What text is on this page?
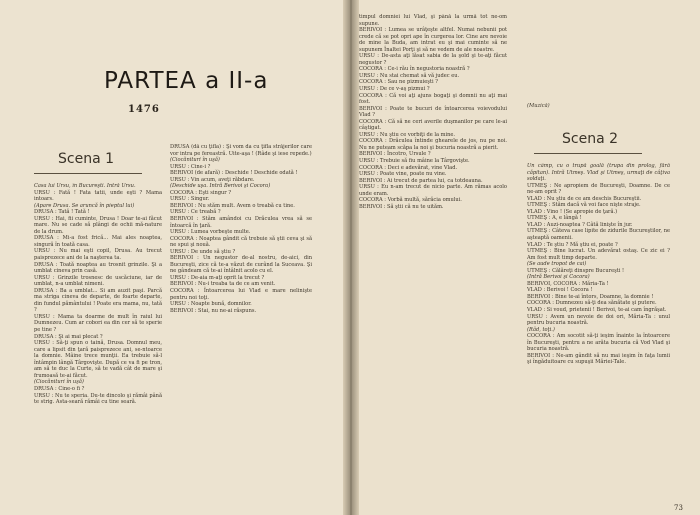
PARTEA a II-a
1476
Scena 1

Casa lui Ursu, în Bucureşti. Intră Ursu.

URSU : Fată ! Fata tatii, unde eşti ? Mama intoars.

(Apare Drusa. Se aruncă în pieptul lui)

DRUSA : Tată ! Tată !

URSU : Hai, fii cuminte, Drusa ! Doar te-ai făcut mare. Nu se cade să plângi de ochii mă-nature de la drum.

DRUSA : Mi-a fost frică... Mai ales noaptea, singură în toată casa.

URSU : Nu mai eşti copil, Drusa. Au trecut paisprezece ani de la naşterea ta.

DRUSA : Toată noaptea au trosnit grinzile. Şi a umblat cineva prin casă.

URSU : Grinzile trosnesc de uscăciune, iar de umblat, n-a umblat nimeni.

DRUSA : Ba a umblat... Si am auzit paşi. Parcă ma striga cineva de departe, de foarte departe, din fundul pământului ! Poate era mama, nu, tată ?

URSU : Mama ta doarme de mult în raiul lui Dumnezeu. Cum ar cobori ea din cer să te sperie pe tine ?

DRUSA : Şi ai mai plecat ?

URSU : Să-ţi spun o taină, Drusa. Domnul meu, care a lipsit din ţară paisprezece ani, se-ntoarce la domnie. Mâine trece munţii. Ea trebuie să-l întâmpin lângă Târgovişte. După ce va fi pe tron, am să te duc la Curte, să te vadă cât de mare şi frumoasă te-ai făcut.

(Ciocănituri în uşă)

DRUSA : Cine-o fi ?

URSU : Nu te speria. Du-te dincolo şi rămâi până te strig. Asta-seară rămâi cu tine seară.

DRUSA (dă cu ţifla) : Şi vom da cu ţifla străjerilor care vor intra pe fereastră. Uite-aşa ! (Râde şi iese repede.)

(Ciocănituri în uşă)

URSU : Cine-i ?

BERIVOI (de afară) : Deschide ! Deschide odată !

URSU : Vin acum, aveţi răbdare.

(Deschide uşa. Intră Berivoi şi Cocora)

COCORA : Eşti singur ?

URSU : Singur.

BERIVOI : Nu stăm mult. Avem o treabă cu tine.

URSU : Ce treabă ?

BERIVOI : Stăm amândoi cu Drăculea vrea să se întoarcă în ţară.

URSU : Lumea vorbeşte multe.

COCORA : Noaptea gândit că trebuie să ştii ceva şi să ne spui şi nouă.

URSU : De unde să ştiu ?

BERIVOI : Un negustor de-al nostru, de-aici, din Bucureşti, zice că te-a văzut de curând la Suceava. Şi ne gândeam că te-ai întâlnit acolo cu el.

URSU : De-aia m-aţi oprit la trecut ?

BERIVOI : Nu-i treaba ta de ce am venit.

COCORA : Întoarcerea lui Vlad e mare nelinişte pentru noi toţi.

URSU : Noapte bună, domnilor.

BERIVOI : Stai, nu ne-ai răspuns.

timpul domniei lui Vlad, şi până la urmă tot ne-om supune.

BERIVOI : Lumea se urâţeşte altfel. Numai nebunii pot crede că se pot opri ape în curgerea lor. Cine are nevoie de mine la Buda, am intrat eu şi mai cuminte să ne supunem Înaltei Porţi şi să ne vedem de ale noastre.

URSU : De-asta aţi lăsat sabia de la şold şi te-aţi făcut negustor ?

COCORA : Ce-i rău în negustoria noastră ?

URSU : Nu stai chemat să vă judec eu.

COCORA : Sau ne pizmuieşti ?

URSU : De ce v-aş pizmui ?

COCORA : Că voi aţi ajuns bogaţi şi domnii nu aţi mai fost.

BERIVOI : Poate te bucuri de întoarcerea voievodului Vlad ?

COCORA : Că să ne ceri averile duşmanilor pe care le-ai câştigat.

URSU : Nu ştiu ce vorbiţi de la mine.

COCORA : Drăculea întinde ghearele de jos, nu pe noi. Nu ne puteam scăpa la noi şi bucuria noastră a pierit.

BERIVOI : Încotro, Ursule ?

URSU : Trebuie să fiu mâine la Târgovişte.

COCORA : Deci e adevărat, vine Vlad.

URSU : Poate vine, poate nu vine.

BERIVOI : Ai trecut de partea lui, ca totdeauna.

URSU : Eu n-am trecut de nicio parte. Am rămas acolo unde eram.

COCORA : Vorbă multă, sărăcia omului.

BERIVOI : Să ştii că nu te uităm.

(Muzică)

Scena 2

Un câmp, cu o trupă goală (trupa din prolog, fără căpitan). Intră Utmeş. Vlad şi Utmeş, urmaţi de câţiva soldaţi.

UTMEŞ : Ne apropiem de Bucureşti, Doamne. De ce ne-am oprit ?

VLAD : Nu ştiu de ce am deschis Bucureştii.

UTMEŞ : Stăm dacă vă voi face nişte straje.

VLAD : Vino ! (Se apropie de ţară.)

UTMEŞ : A, e lângă !

VLAD : Auzi-noaptea ? Câtă linişte în jur.

UTMEŞ : Câteva case lipite de zidurile Bucureştilor, ne aşteaptă oamenii.

VLAD : Te ştiu ? Mă ştiu ei, poate ?

UTMEŞ : Bine lucrat. Un adevărat ostaş. Ce zic ei ? Am fost mult timp departe.

(Se aude tropot de cai)

UTMEŞ : Călăreţi dinspre Bucureşti !

(Intră Berivoi şi Cocora)

BERIVOI, COCORA : Măria-Ta !

VLAD : Berivoi ! Cocora !

BERIVOI : Bine te-ai întors, Doamne, la domnie !

COCORA : Dumnezeu să-ţi dea sănătate şi putere.

VLAD : Si voud, prietenii ! Berivoi, te-ai cam îngrăşat.

URSU : Avem un nevoie de doi ori, Măria-Ta : unul pentru bucuria noastră.

(Râd, toţi.)

COCORA : Am socotit să-ţi ieşim înainte la întoarcere în Bucureşti, pentru a ne arăta bucuria că Vod Vlad şi bucuria noastră.

BERIVOI : Ne-am gândit să nu mai ieşim în faţa lumii şi îngăduitoare cu supuşii Măriei-Tale.

73
